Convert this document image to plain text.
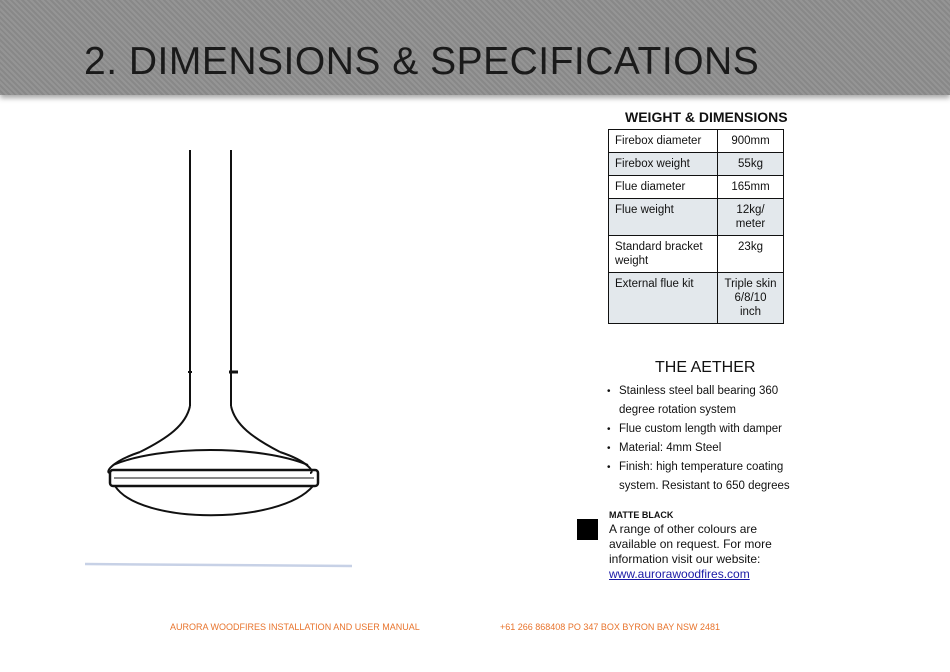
2. DIMENSIONS & SPECIFICATIONS
WEIGHT & DIMENSIONS
Firebox diameter	900mm
Firebox weight	55kg
Flue diameter	165mm
Flue weight	12kg/ meter
Standard bracket weight	23kg
External flue kit	Triple skin 6/8/10 inch
THE AETHER
• Stainless steel ball bearing 360 degree rotation system
• Flue custom length with damper
• Material: 4mm Steel
• Finish: high temperature coating system. Resistant to 650 degrees
MATTE BLACK
A range of other colours are available on request. For more information visit our website:
www.aurorawoodfires.com
AURORA WOODFIRES INSTALLATION AND USER MANUAL	+61 266 868408 PO 347 BOX BYRON BAY NSW 2481
